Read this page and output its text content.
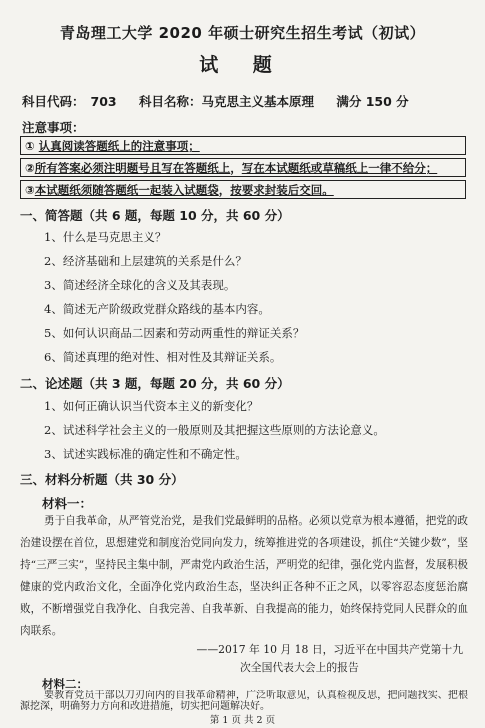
青岛理工大学 2020 年硕士研究生招生考试（初试）
试 题
科目代码： 703 科目名称：马克思主义基本原理 满分 150 分
注意事项：
① 认真阅读答题纸上的注意事项；
②所有答案必须注明题号且写在答题纸上，写在本试题纸或草稿纸上一律不给分；
③本试题纸须随答题纸一起装入试题袋，按要求封装后交回。
一、简答题（共 6 题，每题 10 分，共 60 分）
1、什么是马克思主义？
2、经济基础和上层建筑的关系是什么？
3、简述经济全球化的含义及其表现。
4、简述无产阶级政党群众路线的基本内容。
5、如何认识商品二因素和劳动两重性的辩证关系？
6、简述真理的绝对性、相对性及其辩证关系。
二、论述题（共 3 题，每题 20 分，共 60 分）
1、如何正确认识当代资本主义的新变化？
2、试述科学社会主义的一般原则及其把握这些原则的方法论意义。
3、试述实践标准的确定性和不确定性。
三、材料分析题（共 30 分）
材料一：
勇于自我革命，从严管党治党，是我们党最鲜明的品格。必须以党章为根本遵循，把党的政治建设摆在首位，思想建党和制度治党同向发力，统筹推进党的各项建设，抓住“关键少数”，坚持“三严三实”，坚持民主集中制，严肃党内政治生活，严明党的纪律，强化党内监督，发展积极健康的党内政治文化，全面净化党内政治生态，坚决纠正各种不正之风，以零容忍态度惩治腐败，不断增强党自我净化、自我完善、自我革新、自我提高的能力，始终保持党同人民群众的血肉联系。
——2017 年 10 月 18 日，习近平在中国共产党第十九
次全国代表大会上的报告
材料二：
要教育党员干部以刀刃向内的自我革命精神，广泛听取意见，认真检视反思，把问题找实、把根源挖深，明确努力方向和改进措施，切实把问题解决好。
第 1 页 共 2 页
